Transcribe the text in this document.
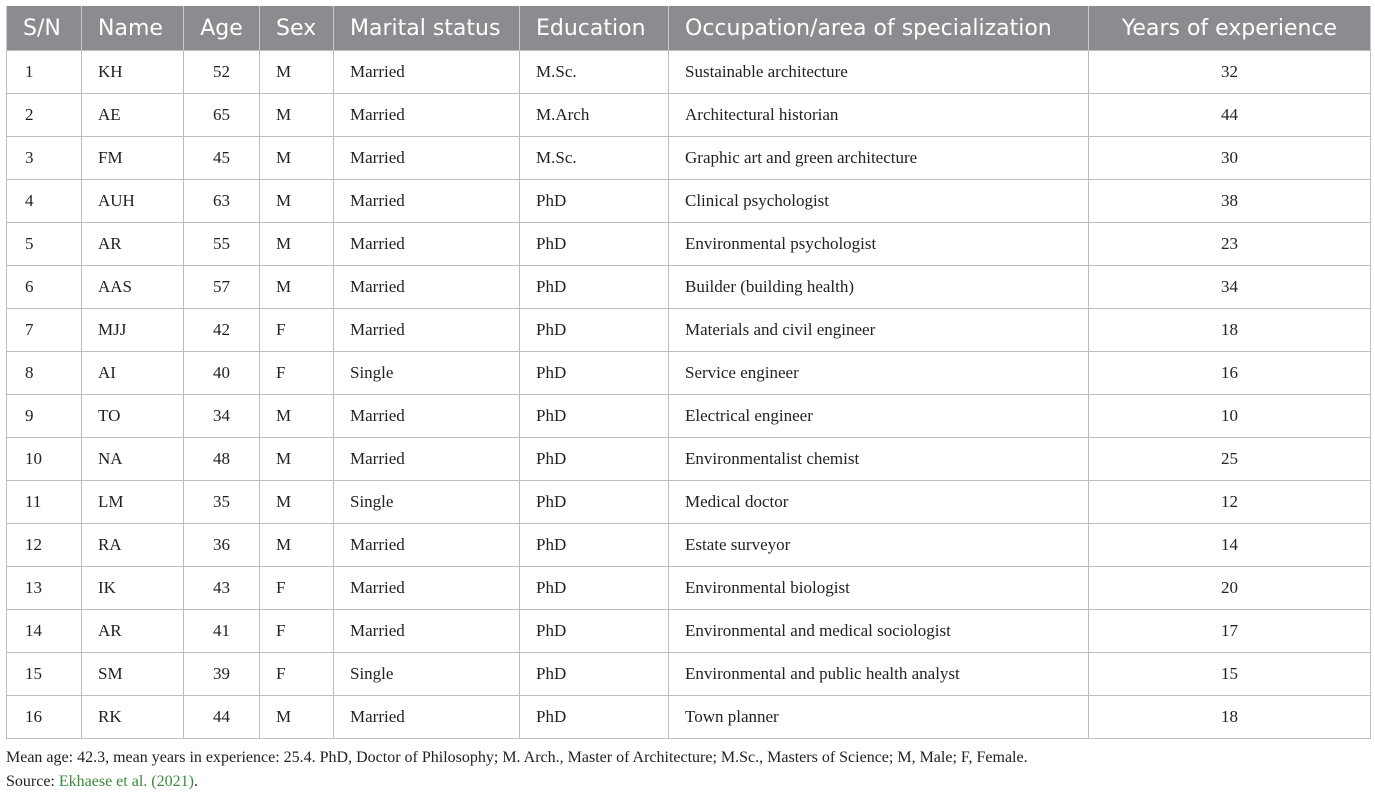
S/N	Name	Age	Sex	Marital status	Education	Occupation/area of specialization	Years of experience
1	KH	52	M	Married	M.Sc.	Sustainable architecture	32
2	AE	65	M	Married	M.Arch	Architectural historian	44
3	FM	45	M	Married	M.Sc.	Graphic art and green architecture	30
4	AUH	63	M	Married	PhD	Clinical psychologist	38
5	AR	55	M	Married	PhD	Environmental psychologist	23
6	AAS	57	M	Married	PhD	Builder (building health)	34
7	MJJ	42	F	Married	PhD	Materials and civil engineer	18
8	AI	40	F	Single	PhD	Service engineer	16
9	TO	34	M	Married	PhD	Electrical engineer	10
10	NA	48	M	Married	PhD	Environmentalist chemist	25
11	LM	35	M	Single	PhD	Medical doctor	12
12	RA	36	M	Married	PhD	Estate surveyor	14
13	IK	43	F	Married	PhD	Environmental biologist	20
14	AR	41	F	Married	PhD	Environmental and medical sociologist	17
15	SM	39	F	Single	PhD	Environmental and public health analyst	15
16	RK	44	M	Married	PhD	Town planner	18
Mean age: 42.3, mean years in experience: 25.4. PhD, Doctor of Philosophy; M. Arch., Master of Architecture; M.Sc., Masters of Science; M, Male; F, Female.
Source: Ekhaese et al. (2021).
